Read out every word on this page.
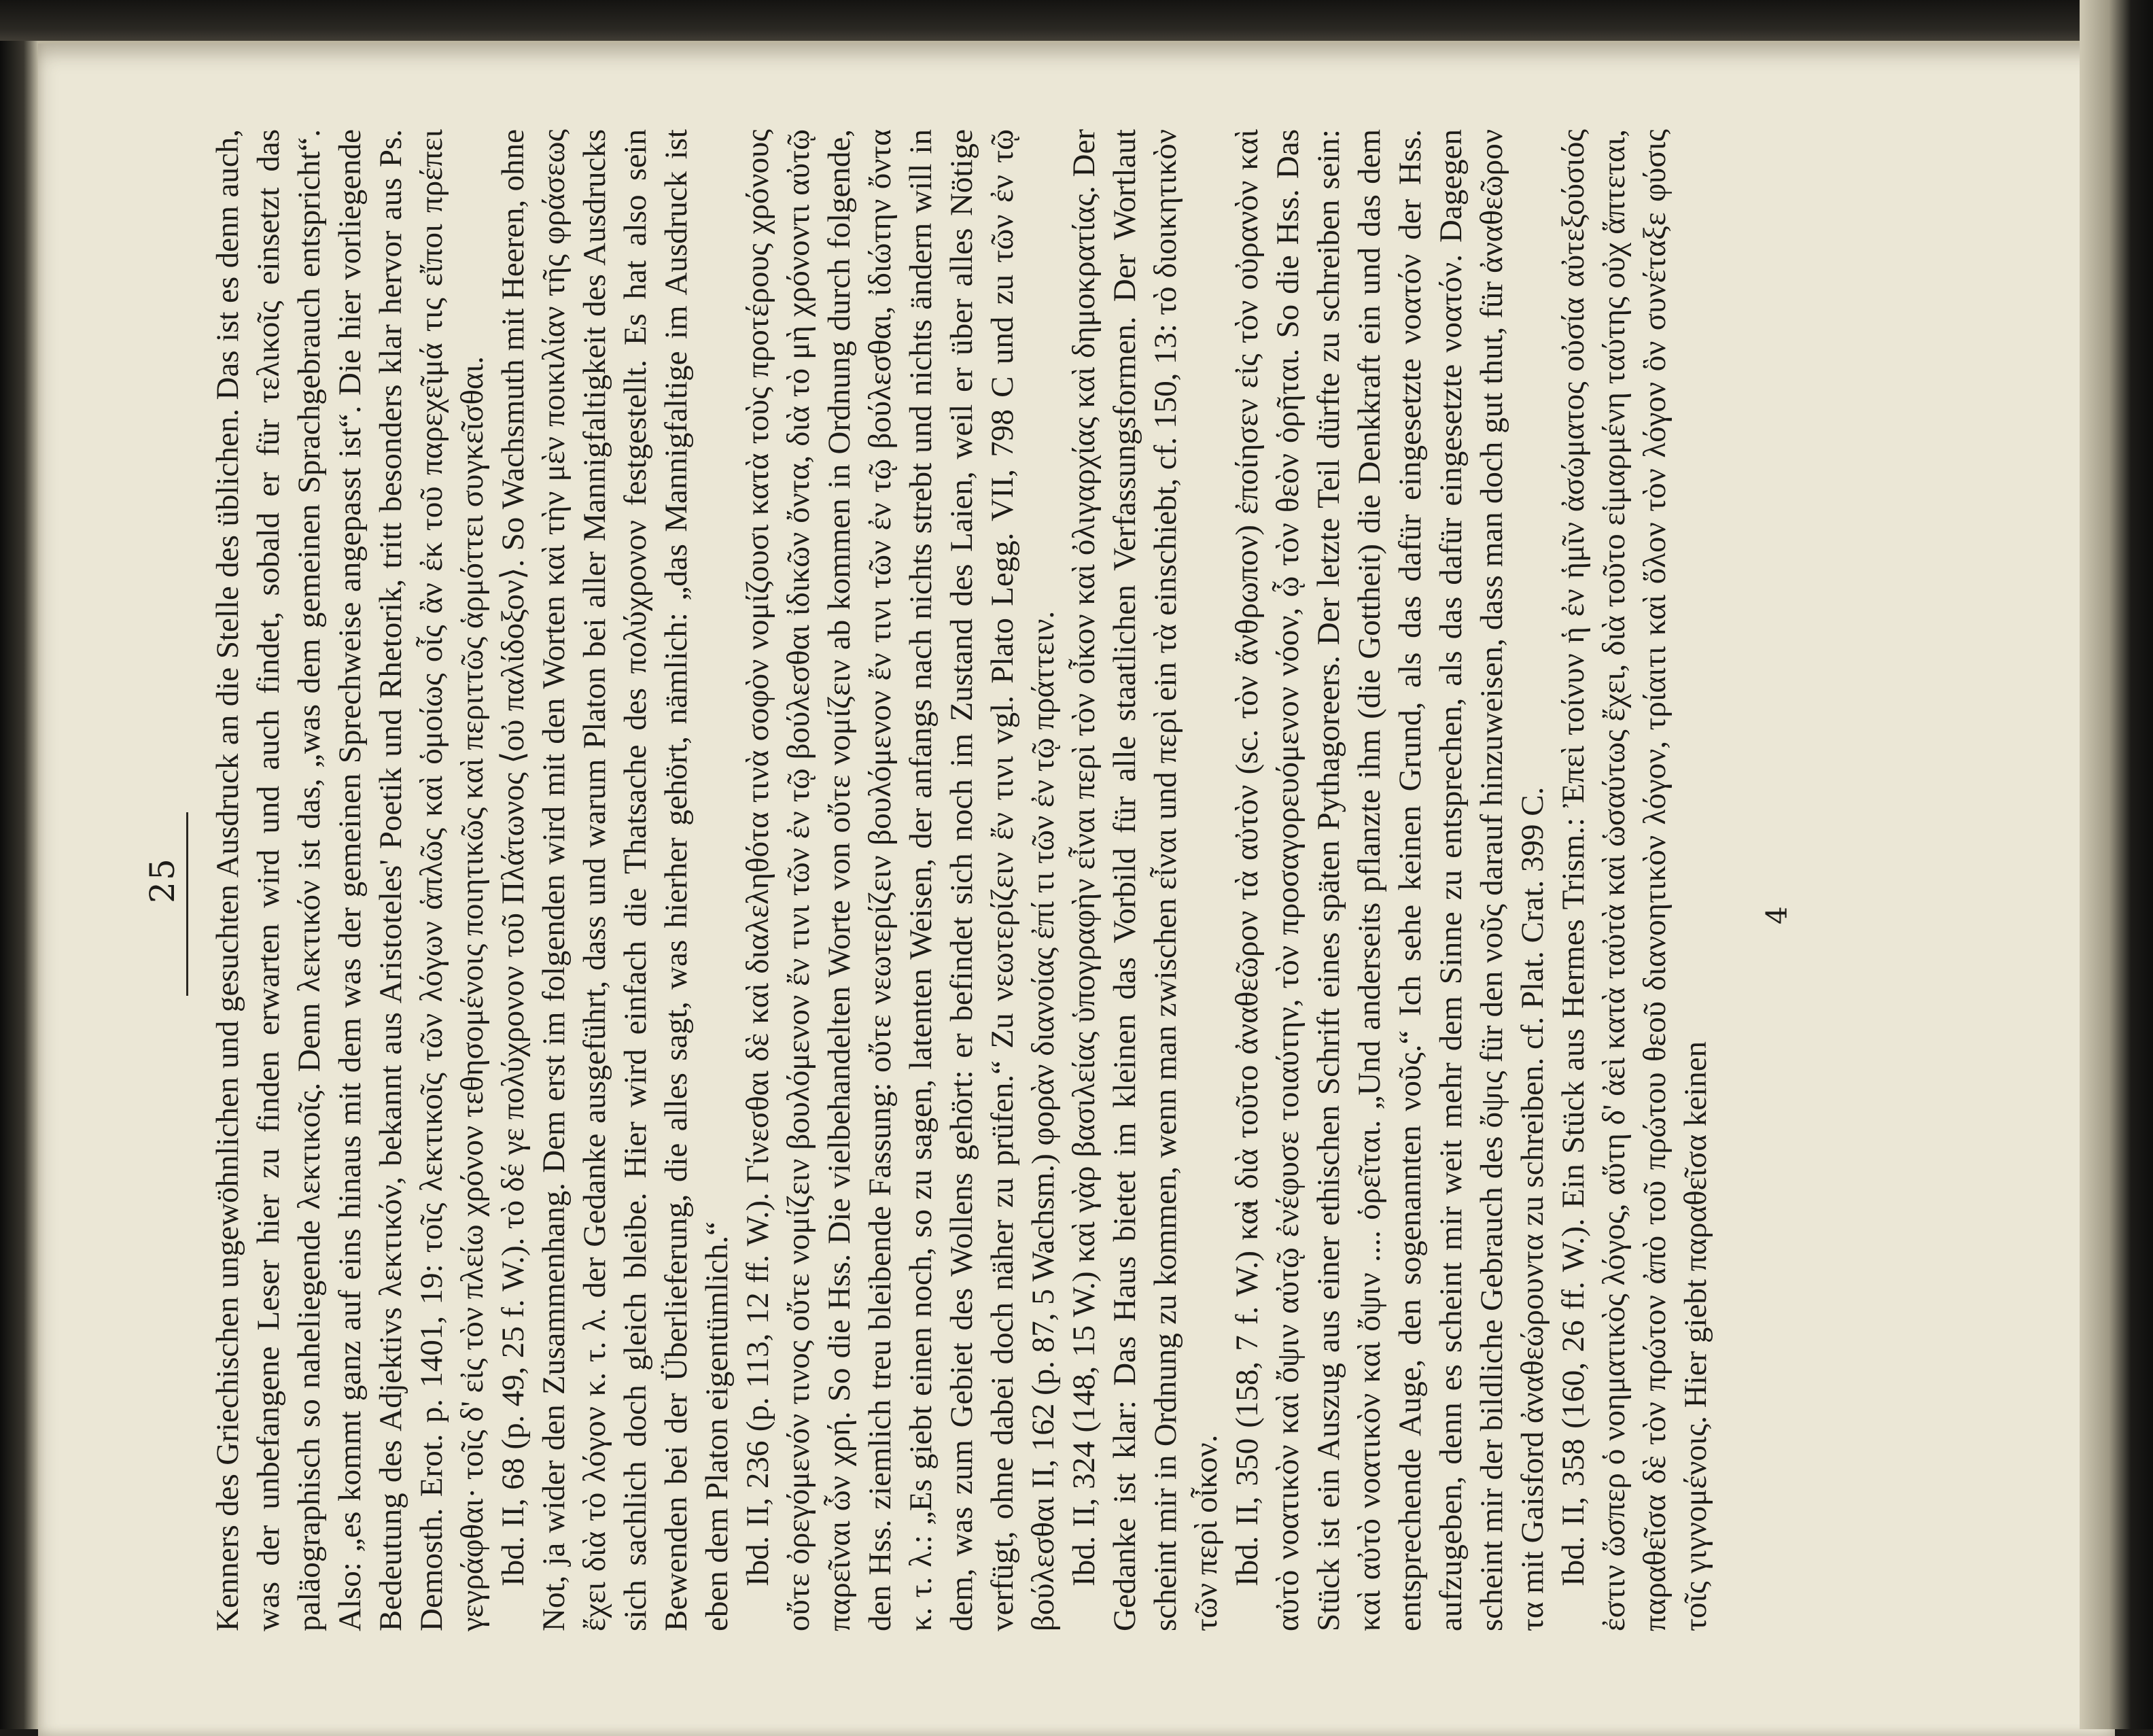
25 Kenners des Griechischen ungewöhnlichen und gesuchten Ausdruck an die Stelle des üblichen. Das ist es denn auch, was der unbefangene Leser hier zu finden erwarten wird und auch findet, sobald er für τελικοῖς einsetzt das paläographisch so naheliegende λεκτικοῖς. Denn λεκτικόν ist das, „was dem gemeinen Sprachgebrauch entspricht“. Also: „es kommt ganz auf eins hinaus mit dem was der gemeinen Sprechweise angepasst ist“. Die hier vorliegende Bedeutung des Adjektivs λεκτικόν, bekannt aus Aristoteles' Poetik und Rhetorik, tritt besonders klar hervor aus Ps. Demosth. Erot. p. 1401, 19: τοῖς λεκτικοῖς τῶν λόγων ἁπλῶς καὶ ὁμοίως οἷς ἂν ἐκ τοῦ παρεχεῖμά τις εἴποι πρέπει γεγράφθαι· τοῖς δ' εἰς τὸν πλείω χρόνον τεθησομένοις ποιητικῶς καὶ περιττῶς ἁρμόττει συγκεῖσθαι. Ibd. II, 68 (p. 49, 25 f. W.). τὸ δέ γε πολύχρονον τοῦ Πλάτωνος ⟨οὐ παλίδοξον⟩. So Wachsmuth mit Heeren, ohne Not, ja wider den Zusammenhang. Dem erst im folgenden wird mit den Worten καὶ τὴν μὲν ποικιλίαν τῆς φράσεως ἔχει διὰ τὸ λόγον κ. τ. λ. der Gedanke ausgeführt, dass und warum Platon bei aller Mannigfaltigkeit des Ausdrucks sich sachlich doch gleich bleibe. Hier wird einfach die Thatsache des πολύχρονον festgestellt. Es hat also sein Bewenden bei der Überlieferung, die alles sagt, was hierher gehört, nämlich: „das Mannigfaltige im Ausdruck ist eben dem Platon eigentümlich.“ Ibd. II, 236 (p. 113, 12 ff. W.). Γίνεσθαι δὲ καὶ διαλεληθότα τινὰ σοφὸν νομίζουσι κατὰ τοὺς προτέρους χρόνους οὔτε ὀρεγόμενόν τινος οὔτε νομίζειν βουλόμενον ἔν τινι τῶν ἐν τῷ βούλεσθαι ἰδικῶν ὄντα, διὰ τὸ μὴ χρόνοντι αὐτῷ παρεῖναι ὧν χρή. So die Hss. Die vielbehandelten Worte von οὔτε νομίζειν ab kommen in Ordnung durch folgende, den Hss. ziemlich treu bleibende Fassung: οὔτε νεωτερίζειν βουλόμενον ἔν τινι τῶν ἐν τῷ βούλεσθαι, ἰδιώτην ὄντα κ. τ. λ.: „Es giebt einen noch, so zu sagen, latenten Weisen, der anfangs nach nichts strebt und nichts ändern will in dem, was zum Gebiet des Wollens gehört: er befindet sich noch im Zustand des Laien, weil er über alles Nötige verfügt, ohne dabei doch näher zu prüfen.“ Zu νεωτερίζειν ἔν τινι vgl. Plato Legg. VII, 798 C und zu τῶν ἐν τῷ βούλεσθαι II, 162 (p. 87, 5 Wachsm.) φορὰν διανοίας ἐπί τι τῶν ἐν τῷ πράττειν. Ibd. II, 324 (148, 15 W.) καὶ γὰρ βασιλείας ὑπογραφὴν εἶναι περὶ τὸν οἶκον καὶ ὀλιγαρχίας καὶ δημοκρατίας. Der Gedanke ist klar: Das Haus bietet im kleinen das Vorbild für alle staatlichen Verfassungsformen. Der Wortlaut scheint mir in Ordnung zu kommen, wenn man zwischen εἶναι und περὶ ein τὰ einschiebt, cf. 150, 13: τὸ διοικητικὸν τῶν περὶ οἶκον. Ibd. II, 350 (158, 7 f. W.) καὶ διὰ τοῦτο ἀναθεῶρον τὰ αὐτὸν (sc. τὸν ἄνθρωπον) ἐποίησεν εἰς τὸν οὐρανὸν καὶ αὐτὸ νοατικὸν καὶ ὄψιν αὐτῷ ἐνέφυσε τοιαύτην, τὸν προσαγορευόμενον νόον, ᾧ τὸν θεὸν ὁρῆται. So die Hss. Das Stück ist ein Auszug aus einer ethischen Schrift eines späten Pythagoreers. Der letzte Teil dürfte zu schreiben sein: καὶ αὐτὸ νοατικὸν καὶ ὄψιν .... ὁρεῖται. „Und anderseits pflanzte ihm (die Gottheit) die Denkkraft ein und das dem entsprechende Auge, den sogenannten νοῦς.“ Ich sehe keinen Grund, als das dafür eingesetzte νοατόν der Hss. aufzugeben, denn es scheint mir weit mehr dem Sinne zu entsprechen, als das dafür eingesetzte νοατόν. Dagegen scheint mir der bildliche Gebrauch des ὄψις für den νοῦς darauf hinzuweisen, dass man doch gut thut, für ἀναθεῶρον τα mit Gaisford ἀναθεώρουντα zu schreiben. cf. Plat. Crat. 399 C. Ibd. II, 358 (160, 26 ff. W.). Ein Stück aus Hermes Trism.: Ἐπεὶ τοίνυν ἡ ἐν ἡμῖν ἀσώματος οὐσία αὐτεξούσιός ἐστιν ὥσπερ ὁ νοηματικὸς λόγος, αὕτη δ' ἀεὶ κατὰ ταὐτὰ καὶ ὡσαύτως ἔχει, διὰ τοῦτο εἱμαρμένη ταύτης οὐχ ἅπτεται, παραθεῖσα δὲ τὸν πρώτον ἀπὸ τοῦ πρώτου θεοῦ διανοητικὸν λόγον, τρίαιτι καὶ ὅλον τὸν λόγον ὃν συνέταξε φύσις τοῖς γιγνομένοις. Hier giebt παραθεῖσα keinen

4
